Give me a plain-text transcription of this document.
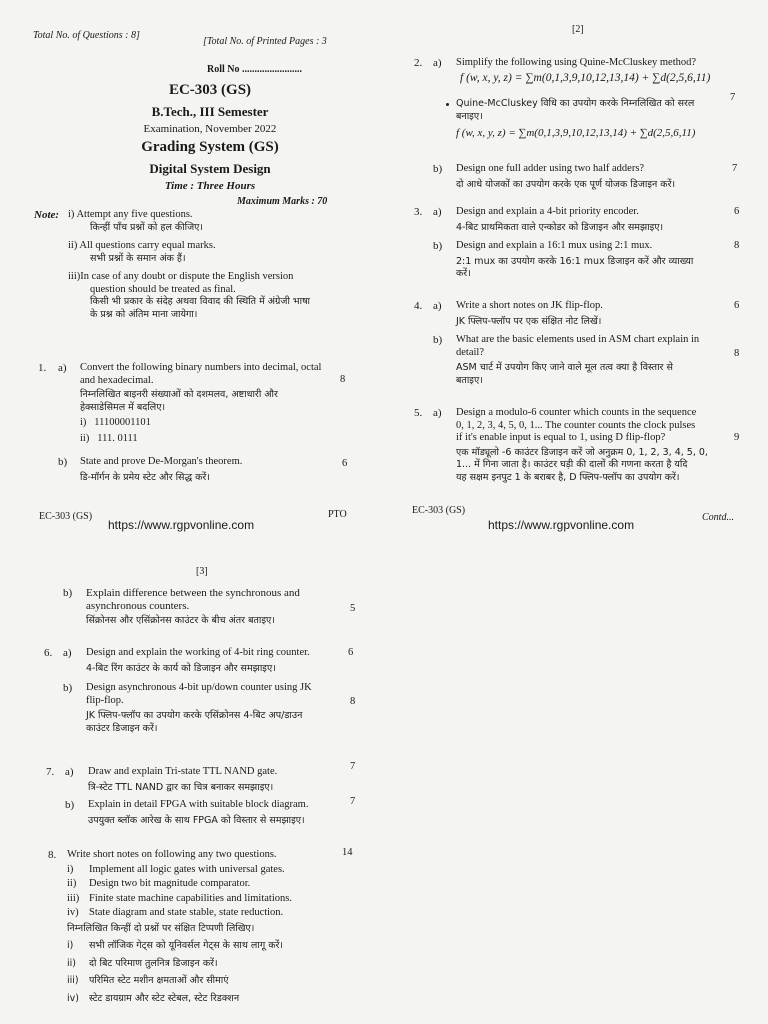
Total No. of Questions : 8]
[Total No. of Printed Pages : 3
Roll No ........................
EC-303 (GS)
B.Tech., III Semester
Examination, November 2022
Grading System (GS)
Digital System Design
Time : Three Hours
Maximum Marks : 70
Note: i) Attempt any five questions.
किन्हीं पाँच प्रश्नों को हल कीजिए।
ii) All questions carry equal marks.
सभी प्रश्नों के समान अंक हैं।
iii)In case of any doubt or dispute the English version
question should be treated as final.
किसी भी प्रकार के संदेह अथवा विवाद की स्थिति में अंग्रेजी भाषा
के प्रश्न को अंतिम माना जायेगा।
1. a) Convert the following binary numbers into decimal, octal
and hexadecimal.
निम्नलिखित बाइनरी संख्याओं को दशमलव, अष्टाधारी और
हेक्साडेसिमल में बदलिए।
i) 11100001101
ii) 111. 0111
8
b) State and prove De-Morgan's theorem.
डि-मॉर्गन के प्रमेय स्टेट और सिद्ध करें।
6
EC-303 (GS)	PTO
https://www.rgpvonline.com
[2]
2. a) Simplify the following using Quine-McCluskey method?
f (w, x, y, z) = ∑m(0,1,3,9,10,12,13,14) + ∑d(2,5,6,11)
Quine-McCluskey विधि का उपयोग करके निम्नलिखित को सरल
बनाइए।
f (w, x, y, z) = ∑m(0,1,3,9,10,12,13,14) + ∑d(2,5,6,11)
7
b) Design one full adder using two half adders?
दो आधे योजकों का उपयोग करके एक पूर्ण योजक डिजाइन करें।
7
3. a) Design and explain a 4-bit priority encoder.
4-बिट प्राथमिकता वाले एन्कोडर को डिजाइन और समझाइए।
6
b) Design and explain a 16:1 mux using 2:1 mux.
2:1 mux का उपयोग करके 16:1 mux डिजाइन करें और व्याख्या
करें।
8
4. a) Write a short notes on JK flip-flop.
JK फ्लिप-फ्लॉप पर एक संक्षित नोट लिखें।
6
b) What are the basic elements used in ASM chart explain in
detail?
ASM चार्ट में उपयोग किए जाने वाले मूल तत्व क्या है विस्तार से
बताइए।
8
5. a) Design a modulo-6 counter which counts in the sequence
0, 1, 2, 3, 4, 5, 0, 1... The counter counts the clock pulses
if it's enable input is equal to 1, using D flip-flop?
एक मॉड्यूलो -6 काउंटर डिजाइन करें जो अनुक्रम 0, 1, 2, 3, 4, 5, 0,
1... में गिना जाता है। काउंटर घड़ी की दालों की गणना करता है यदि
यह सक्षम इनपुट 1 के बराबर है, D फ्लिप-फ्लॉप का उपयोग करें।
9
EC-303 (GS)
Contd...
https://www.rgpvonline.com
[3]
b) Explain difference between the synchronous and
asynchronous counters.
सिंक्रोनस और एसिंक्रोनस काउंटर के बीच अंतर बताइए।
5
6. a) Design and explain the working of 4-bit ring counter.
4-बिट रिंग काउंटर के कार्य को डिजाइन और समझाइए।
6
b) Design asynchronous 4-bit up/down counter using JK
flip-flop.
JK फ्लिप-फ्लॉप का उपयोग करके एसिंक्रोनस 4-बिट अप/डाउन
काउंटर डिजाइन करें।
8
7. a) Draw and explain Tri-state TTL NAND gate.
त्रि-स्टेट TTL NAND द्वार का चित्र बनाकर समझाइए।
7
b) Explain in detail FPGA with suitable block diagram.
उपयुक्त ब्लॉक आरेख के साथ FPGA को विस्तार से समझाइए।
7
8. Write short notes on following any two questions.
i) Implement all logic gates with universal gates.
ii) Design two bit magnitude comparator.
iii) Finite state machine capabilities and limitations.
iv) State diagram and state stable, state reduction.
निम्नलिखित किन्हीं दो प्रश्नों पर संक्षित टिप्पणी लिखिए।
i) सभी लॉजिक गेट्स को यूनिवर्सल गेट्स के साथ लागू करें।
ii) दो बिट परिमाण तुलनित्र डिजाइन करें।
iii) परिमित स्टेट मशीन क्षमताओं और सीमाएं
iv) स्टेट डायग्राम और स्टेट स्टेबल, स्टेट रिडक्शन
14
